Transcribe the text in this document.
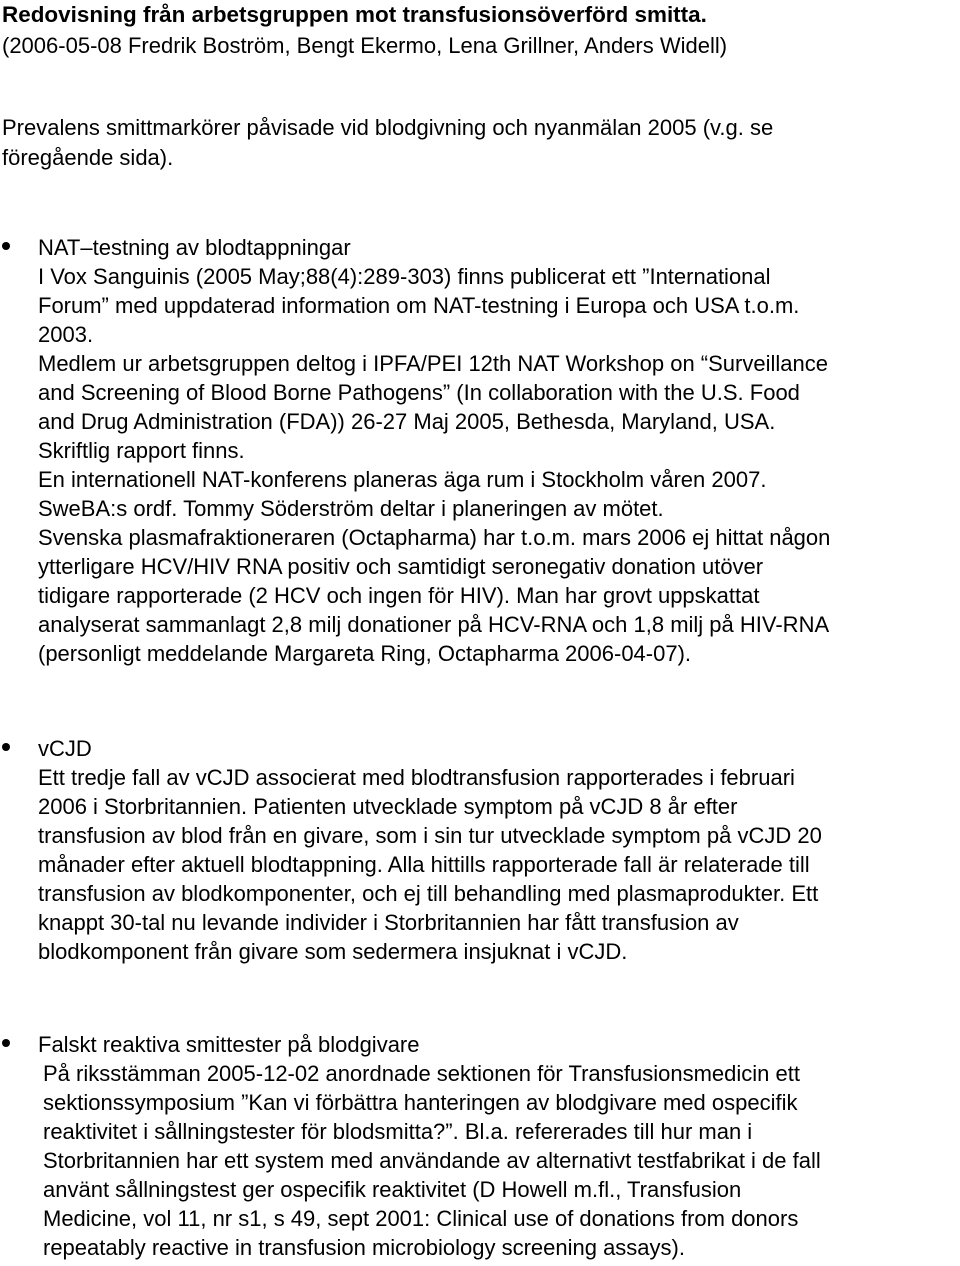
Redovisning från arbetsgruppen mot transfusionsöverförd smitta.
(2006-05-08 Fredrik Boström, Bengt Ekermo, Lena Grillner, Anders Widell)
Prevalens smittmarkörer påvisade vid blodgivning och nyanmälan 2005 (v.g. se
föregående sida).
NAT–testning av blodtappningar
I Vox Sanguinis (2005 May;88(4):289-303) finns publicerat ett ”International
Forum” med uppdaterad information om NAT-testning i Europa och USA t.o.m.
2003.
Medlem ur arbetsgruppen deltog i IPFA/PEI 12th NAT Workshop on “Surveillance
and Screening of Blood Borne Pathogens” (In collaboration with the U.S. Food
and Drug Administration (FDA)) 26-27 Maj 2005, Bethesda, Maryland, USA.
Skriftlig rapport finns.
En internationell NAT-konferens planeras äga rum i Stockholm våren 2007.
SweBA:s ordf. Tommy Söderström deltar i planeringen av mötet.
Svenska plasmafraktioneraren (Octapharma) har t.o.m. mars 2006 ej hittat någon
ytterligare HCV/HIV RNA positiv och samtidigt seronegativ donation utöver
tidigare rapporterade (2 HCV och ingen för HIV). Man har grovt uppskattat
analyserat sammanlagt 2,8 milj donationer på HCV-RNA och 1,8 milj på HIV-RNA
(personligt meddelande Margareta Ring, Octapharma 2006-04-07).
vCJD
Ett tredje fall av vCJD associerat med blodtransfusion rapporterades i februari
2006 i Storbritannien. Patienten utvecklade symptom på vCJD 8 år efter
transfusion av blod från en givare, som i sin tur utvecklade symptom på vCJD 20
månader efter aktuell blodtappning. Alla hittills rapporterade fall är relaterade till
transfusion av blodkomponenter, och ej till behandling med plasmaprodukter. Ett
knappt 30-tal nu levande individer i Storbritannien har fått transfusion av
blodkomponent från givare som sedermera insjuknat i vCJD.
Falskt reaktiva smittester på blodgivare
På riksstämman 2005-12-02 anordnade sektionen för Transfusionsmedicin ett
sektionssymposium ”Kan vi förbättra hanteringen av blodgivare med ospecifik
reaktivitet i sållningstester för blodsmitta?”. Bl.a. refererades till hur man i
Storbritannien har ett system med användande av alternativt testfabrikat i de fall
använt sållningstest ger ospecifik reaktivitet (D Howell m.fl., Transfusion
Medicine, vol 11, nr s1, s 49, sept 2001: Clinical use of donations from donors
repeatably reactive in transfusion microbiology screening assays).
